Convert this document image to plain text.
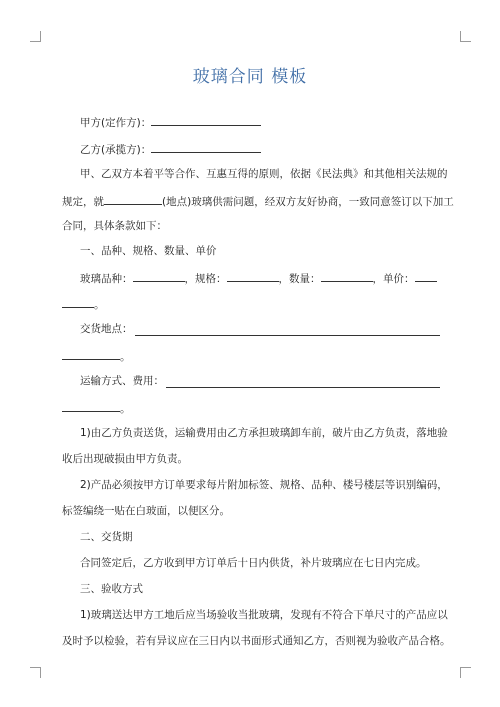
玻璃合同 模板
甲方(定作方)：
乙方(承揽方)：
甲、乙双方本着平等合作、互惠互得的原则，依据《民法典》和其他相关法规的
规定，就	(地点)玻璃供需问题，经双方友好协商，一致同意签订以下加工
合同，具体条款如下：
一、品种、规格、数量、单价
玻璃品种：	，规格：	，数量：	，单价：
。
交货地点：
。
运输方式、费用：
。
1)由乙方负责送货，运输费用由乙方承担玻璃卸车前，破片由乙方负责，落地验
收后出现破损由甲方负责。
2)产品必须按甲方订单要求每片附加标签、规格、品种、楼号楼层等识别编码，
标签编绕一贴在白玻面，以便区分。
二、交货期
合同签定后，乙方收到甲方订单后十日内供货，补片玻璃应在七日内完成。
三、验收方式
1)玻璃送达甲方工地后应当场验收当批玻璃，发现有不符合下单尺寸的产品应以
及时予以检验，若有异议应在三日内以书面形式通知乙方，否则视为验收产品合格。
